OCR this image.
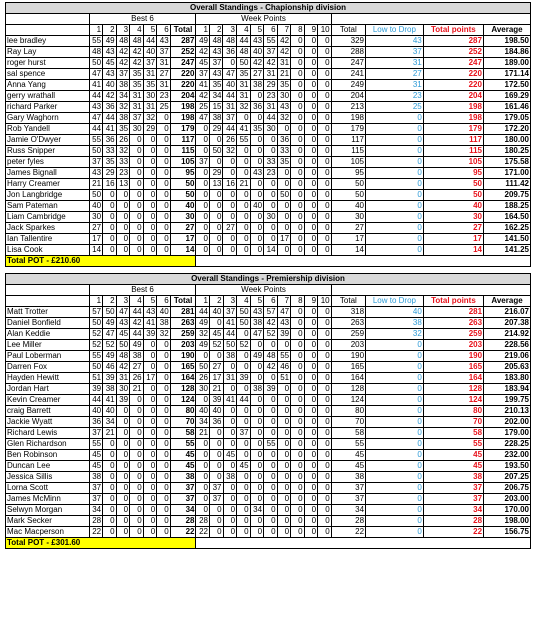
Overall Standings - Chapionship division																					
	Best 6							Week Points													
	1	2	3	4	5	6	Total	1	2	3	4	5	6	7	8	9	10	Total	Low to Drop	Total points	Average
lee bradley	55	49	48	48	44	43	287	49	48	48	44	43	55	42	0	0	0	329	43	287	198.50
Ray Lay	48	43	42	42	40	37	252	42	43	36	48	40	37	42	0	0	0	288	37	252	184.86
roger hurst	50	45	42	42	37	31	247	45	37	0	50	42	42	31	0	0	0	247	31	247	189.00
sal spence	47	43	37	35	31	27	220	37	43	47	35	27	31	21	0	0	0	241	27	220	171.14
Anna Yang	41	40	38	35	35	31	220	41	35	40	31	38	29	35	0	0	0	249	31	220	172.50
gerry wrathall	44	42	34	31	30	23	204	42	34	44	31	0	23	30	0	0	0	204	23	204	169.29
richard Parker	43	36	32	31	31	25	198	25	15	31	32	36	31	43	0	0	0	213	25	198	161.46
Gary Waghorn	47	44	38	37	32	0	198	47	38	37	0	0	44	32	0	0	0	198	0	198	179.05
Rob Yandell	44	41	35	30	29	0	179	0	29	44	41	35	30	0	0	0	0	179	0	179	172.20
Jamie O'Dwyer	55	36	26	0	0	0	117	0	0	26	55	0	0	36	0	0	0	117	0	117	180.00
Russ Snipper	50	33	32	0	0	0	115	0	50	32	0	0	0	33	0	0	0	115	0	115	180.25
peter fyles	37	35	33	0	0	0	105	37	0	0	0	0	33	35	0	0	0	105	0	105	175.58
James Bignall	43	29	23	0	0	0	95	0	29	0	0	43	23	0	0	0	0	95	0	95	171.00
Harry Creamer	21	16	13	0	0	0	50	0	13	16	21	0	0	0	0	0	0	50	0	50	111.42
Jon Langbridge	50	0	0	0	0	0	50	0	0	0	0	0	0	50	0	0	0	50	0	50	209.75
Sam Pateman	40	0	0	0	0	0	40	0	0	0	0	40	0	0	0	0	0	40	0	40	188.25
Liam Cambridge	30	0	0	0	0	0	30	0	0	0	0	0	30	0	0	0	0	30	0	30	164.50
Jack Sparkes	27	0	0	0	0	0	27	0	0	27	0	0	0	0	0	0	0	27	0	27	162.25
Ian Tallentire	17	0	0	0	0	0	17	0	0	0	0	0	0	17	0	0	0	17	0	17	141.50
Lisa Cook	14	0	0	0	0	0	14	0	0	0	0	0	14	0	0	0	0	14	0	14	141.25
Total POT - £210.60																					
Overall Standings - Premiership division																					
	Best 6							Week Points													
	1	2	3	4	5	6	Total	1	2	3	4	5	6	7	8	9	10	Total	Low to Drop	Total points	Average
Matt Trotter	57	50	47	44	43	40	281	44	40	37	50	43	57	47	0	0	0	318	40	281	216.07
Daniel Bonfield	50	49	43	42	41	38	263	49	0	41	50	38	42	43	0	0	0	263	38	263	207.38
Alan Keddie	52	47	45	44	39	32	259	32	45	44	0	47	52	39	0	0	0	259	32	259	214.92
Lee Miller	52	52	50	49	0	0	203	49	52	50	52	0	0	0	0	0	0	203	0	203	228.56
Paul Loberman	55	49	48	38	0	0	190	0	0	38	0	49	48	55	0	0	0	190	0	190	219.06
Darren Fox	50	46	42	27	0	0	165	50	27	0	0	0	42	46	0	0	0	165	0	165	205.63
Hayden Hewitt	51	39	31	26	17	0	164	26	17	31	39	0	0	51	0	0	0	164	0	164	183.80
Jordan Hart	39	38	30	21	0	0	128	30	21	0	0	38	39	0	0	0	0	128	0	128	183.94
Kevin Creamer	44	41	39	0	0	0	124	0	39	41	44	0	0	0	0	0	0	124	0	124	199.75
craig Barrett	40	40	0	0	0	0	80	40	40	0	0	0	0	0	0	0	0	80	0	80	210.13
Jackie Wyatt	36	34	0	0	0	0	70	34	36	0	0	0	0	0	0	0	0	70	0	70	202.00
Richard Lewis	37	21	0	0	0	0	58	21	0	0	37	0	0	0	0	0	0	58	0	58	179.00
Glen Richardson	55	0	0	0	0	0	55	0	0	0	0	0	55	0	0	0	0	55	0	55	228.25
Ben Robinson	45	0	0	0	0	0	45	0	0	45	0	0	0	0	0	0	0	45	0	45	232.00
Duncan Lee	45	0	0	0	0	0	45	0	0	0	45	0	0	0	0	0	0	45	0	45	193.50
Jessica Sillis	38	0	0	0	0	0	38	0	0	38	0	0	0	0	0	0	0	38	0	38	207.25
Lorna Scott	37	0	0	0	0	0	37	0	37	0	0	0	0	0	0	0	0	37	0	37	206.75
James McMinn	37	0	0	0	0	0	37	0	37	0	0	0	0	0	0	0	0	37	0	37	203.00
Selwyn Morgan	34	0	0	0	0	0	34	0	0	0	0	34	0	0	0	0	0	34	0	34	170.00
Mark Secker	28	0	0	0	0	0	28	28	0	0	0	0	0	0	0	0	0	28	0	28	198.00
Mac Macperson	22	0	0	0	0	0	22	22	0	0	0	0	0	0	0	0	0	22	0	22	156.75
Total POT - £301.60																					
